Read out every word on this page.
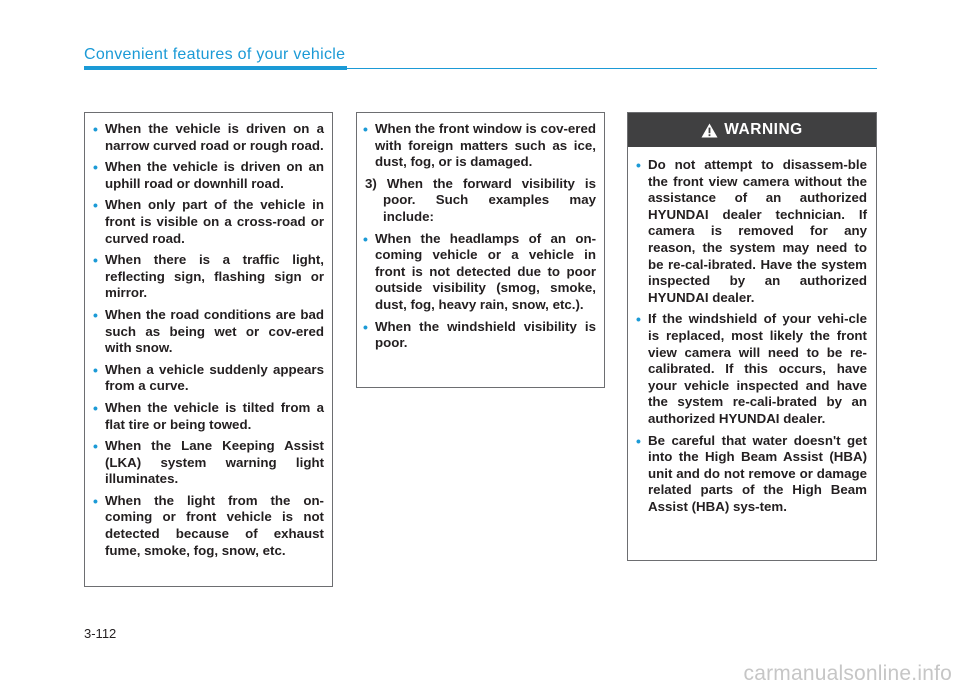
Convenient features of your vehicle
• When the vehicle is driven on a narrow curved road or rough road.
• When the vehicle is driven on an uphill road or downhill road.
• When only part of the vehicle in front is visible on a cross-road or curved road.
• When there is a traffic light, reflecting sign, flashing sign or mirror.
• When the road conditions are bad such as being wet or cov-ered with snow.
• When a vehicle suddenly appears from a curve.
• When the vehicle is tilted from a flat tire or being towed.
• When the Lane Keeping Assist (LKA) system warning light illuminates.
• When the light from the on-coming or front vehicle is not detected because of exhaust fume, smoke, fog, snow, etc.
• When the front window is cov-ered with foreign matters such as ice, dust, fog, or is damaged.
3) When the forward visibility is poor. Such examples may include:
• When the headlamps of an on-coming vehicle or a vehicle in front is not detected due to poor outside visibility (smog, smoke, dust, fog, heavy rain, snow, etc.).
• When the windshield visibility is poor.
WARNING
• Do not attempt to disassem-ble the front view camera without the assistance of an authorized HYUNDAI dealer technician. If camera is removed for any reason, the system may need to be re-cal-ibrated. Have the system inspected by an authorized HYUNDAI dealer.
• If the windshield of your vehi-cle is replaced, most likely the front view camera will need to be re-calibrated. If this occurs, have your vehicle inspected and have the system re-cali-brated by an authorized HYUNDAI dealer.
• Be careful that water doesn't get into the High Beam Assist (HBA) unit and do not remove or damage related parts of the High Beam Assist (HBA) sys-tem.
3-112
carmanualsonline.info
